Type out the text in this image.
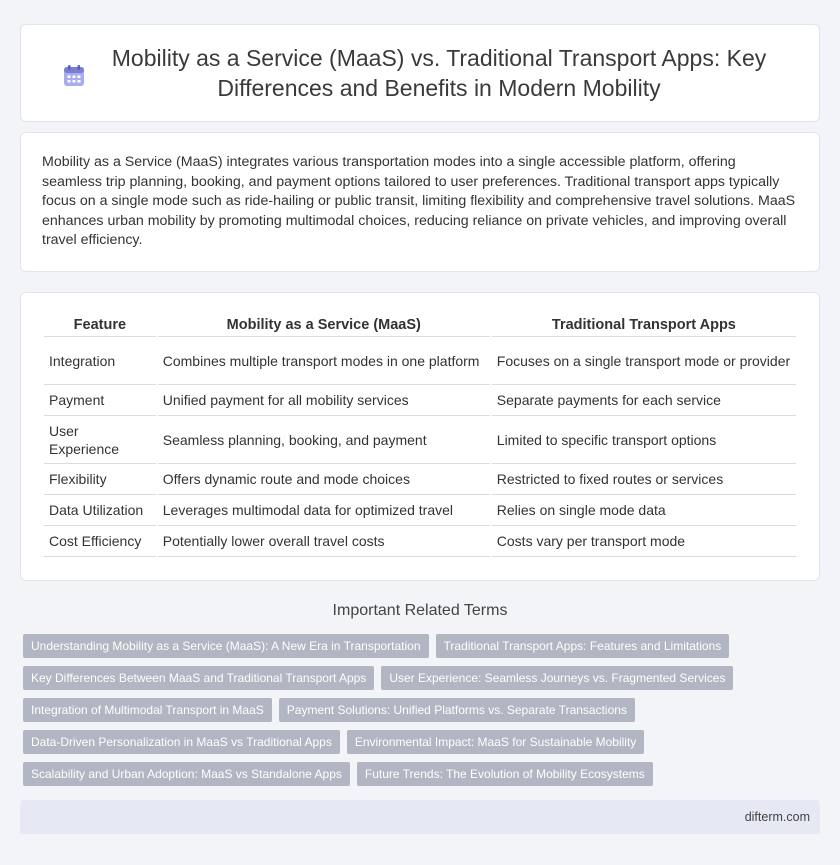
Mobility as a Service (MaaS) vs. Traditional Transport Apps: Key Differences and Benefits in Modern Mobility

Mobility as a Service (MaaS) integrates various transportation modes into a single accessible platform, offering seamless trip planning, booking, and payment options tailored to user preferences. Traditional transport apps typically focus on a single mode such as ride-hailing or public transit, limiting flexibility and comprehensive travel solutions. MaaS enhances urban mobility by promoting multimodal choices, reducing reliance on private vehicles, and improving overall travel efficiency.

Feature	Mobility as a Service (MaaS)	Traditional Transport Apps
Integration	Combines multiple transport modes in one platform	Focuses on a single transport mode or provider
Payment	Unified payment for all mobility services	Separate payments for each service
User Experience	Seamless planning, booking, and payment	Limited to specific transport options
Flexibility	Offers dynamic route and mode choices	Restricted to fixed routes or services
Data Utilization	Leverages multimodal data for optimized travel	Relies on single mode data
Cost Efficiency	Potentially lower overall travel costs	Costs vary per transport mode
Important Related Terms
Understanding Mobility as a Service (MaaS): A New Era in Transportation	Traditional Transport Apps: Features and Limitations
Key Differences Between MaaS and Traditional Transport Apps	User Experience: Seamless Journeys vs. Fragmented Services
Integration of Multimodal Transport in MaaS	Payment Solutions: Unified Platforms vs. Separate Transactions
Data-Driven Personalization in MaaS vs Traditional Apps	Environmental Impact: MaaS for Sustainable Mobility
Scalability and Urban Adoption: MaaS vs Standalone Apps	Future Trends: The Evolution of Mobility Ecosystems
difterm.com
